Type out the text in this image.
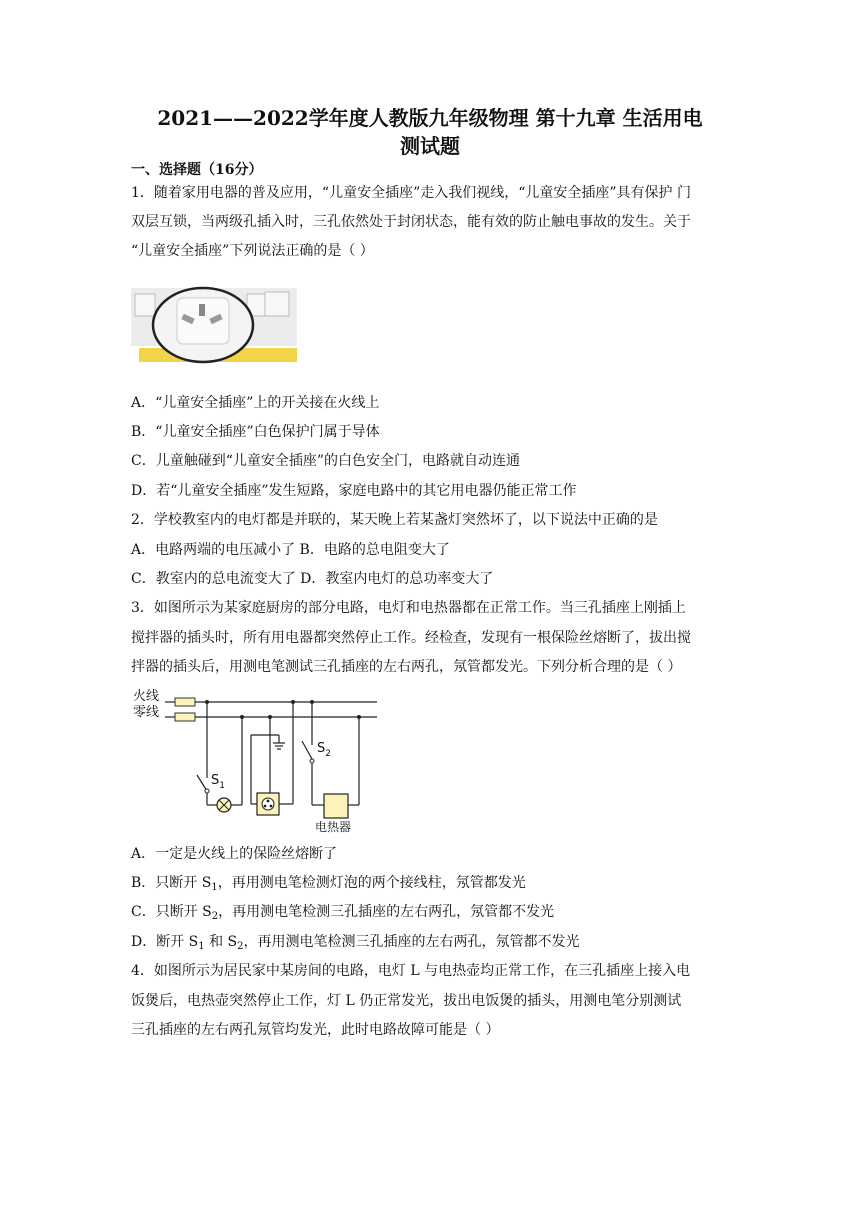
2021——2022学年度人教版九年级物理 第十九章 生活用电
测试题
一、选择题（16分）
1．随着家用电器的普及应用，“儿童安全插座”走入我们视线，“儿童安全插座”具有保护 门
双层互锁，当两级孔插入时，三孔依然处于封闭状态，能有效的防止触电事故的发生。关于
“儿童安全插座”下列说法正确的是（ ）
A．“儿童安全插座”上的开关接在火线上
B．“儿童安全插座”白色保护门属于导体
C．儿童触碰到“儿童安全插座”的白色安全门，电路就自动连通
D．若“儿童安全插座”发生短路，家庭电路中的其它用电器仍能正常工作
2．学校教室内的电灯都是并联的，某天晚上若某盏灯突然坏了，以下说法中正确的是
A．电路两端的电压减小了 B．电路的总电阻变大了
C．教室内的总电流变大了 D．教室内电灯的总功率变大了
3．如图所示为某家庭厨房的部分电路，电灯和电热器都在正常工作。当三孔插座上刚插上
搅拌器的插头时，所有用电器都突然停止工作。经检查，发现有一根保险丝熔断了，拔出搅
拌器的插头后，用测电笔测试三孔插座的左右两孔，氖管都发光。下列分析合理的是（ ）
火线
零线
$S_1$
$S_2$
电热器
A．一定是火线上的保险丝熔断了
B．只断开 $S_1$，再用测电笔检测灯泡的两个接线柱，氖管都发光
C．只断开 $S_2$，再用测电笔检测三孔插座的左右两孔，氖管都不发光
D．断开 $S_1$ 和 $S_2$，再用测电笔检测三孔插座的左右两孔，氖管都不发光
4．如图所示为居民家中某房间的电路，电灯 L 与电热壶均正常工作，在三孔插座上接入电
饭煲后，电热壶突然停止工作，灯 L 仍正常发光，拔出电饭煲的插头，用测电笔分别测试
三孔插座的左右两孔氖管均发光，此时电路故障可能是（ ）
